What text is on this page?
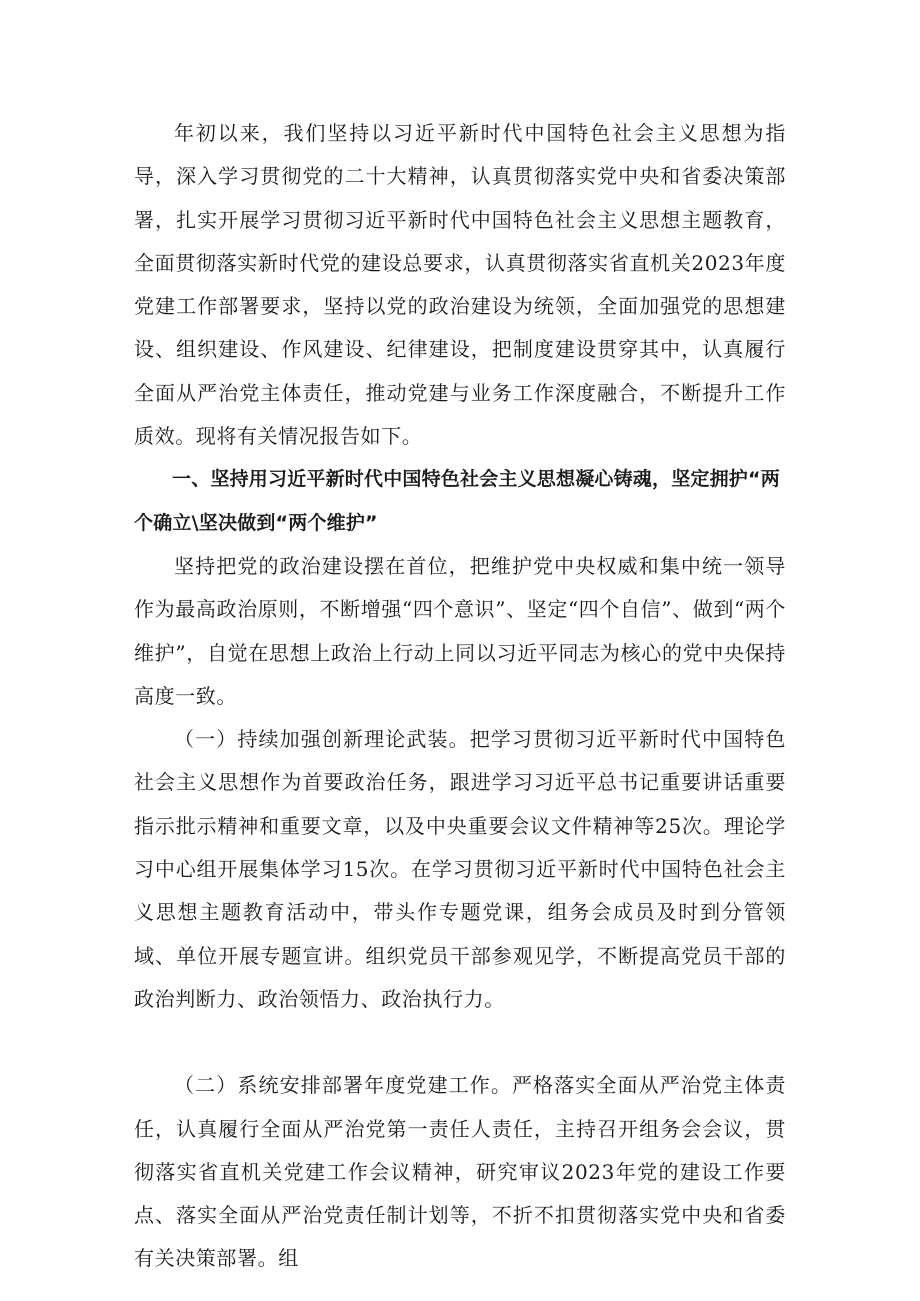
年初以来，我们坚持以习近平新时代中国特色社会主义思想为指导，深入学习贯彻党的二十大精神，认真贯彻落实党中央和省委决策部署，扎实开展学习贯彻习近平新时代中国特色社会主义思想主题教育，全面贯彻落实新时代党的建设总要求，认真贯彻落实省直机关2023年度党建工作部署要求，坚持以党的政治建设为统领，全面加强党的思想建设、组织建设、作风建设、纪律建设，把制度建设贯穿其中，认真履行全面从严治党主体责任，推动党建与业务工作深度融合，不断提升工作质效。现将有关情况报告如下。

一、坚持用习近平新时代中国特色社会主义思想凝心铸魂，坚定拥护“两个确立\坚决做到“两个维护”

坚持把党的政治建设摆在首位，把维护党中央权威和集中统一领导作为最高政治原则，不断增强“四个意识”、坚定“四个自信”、做到“两个维护”，自觉在思想上政治上行动上同以习近平同志为核心的党中央保持高度一致。

（一）持续加强创新理论武装。把学习贯彻习近平新时代中国特色社会主义思想作为首要政治任务，跟进学习习近平总书记重要讲话重要指示批示精神和重要文章，以及中央重要会议文件精神等25次。理论学习中心组开展集体学习15次。在学习贯彻习近平新时代中国特色社会主义思想主题教育活动中，带头作专题党课，组务会成员及时到分管领域、单位开展专题宣讲。组织党员干部参观见学，不断提高党员干部的政治判断力、政治领悟力、政治执行力。

（二）系统安排部署年度党建工作。严格落实全面从严治党主体责任，认真履行全面从严治党第一责任人责任，主持召开组务会会议，贯彻落实省直机关党建工作会议精神，研究审议2023年党的建设工作要点、落实全面从严治党责任制计划等，不折不扣贯彻落实党中央和省委有关决策部署。组
